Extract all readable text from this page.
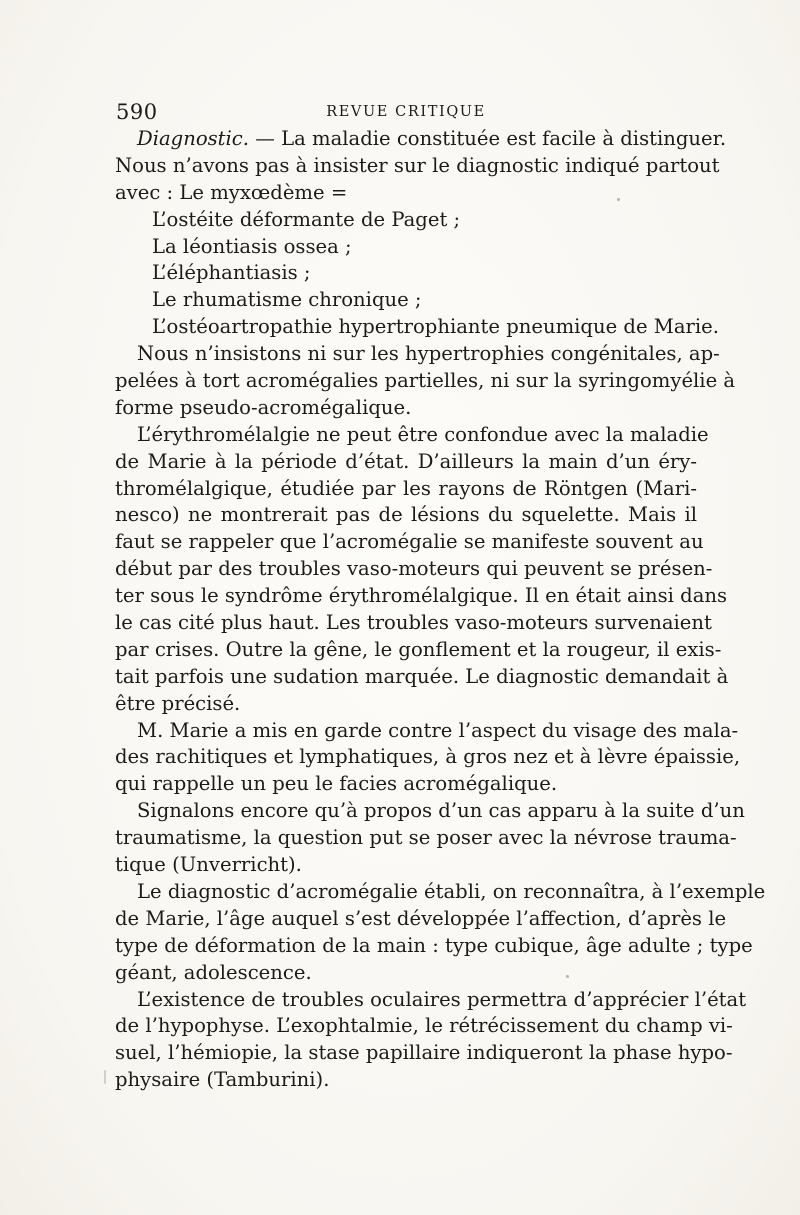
590	REVUE CRITIQUE
Diagnostic. — La maladie constituée est facile à distinguer.
Nous n’avons pas à insister sur le diagnostic indiqué partout
avec : Le myxœdème =
L’ostéite déformante de Paget ;
La léontiasis ossea ;
L’éléphantiasis ;
Le rhumatisme chronique ;
L’ostéoartropathie hypertrophiante pneumique de Marie.
Nous n’insistons ni sur les hypertrophies congénitales, ap-
pelées à tort acromégalies partielles, ni sur la syringomyélie à
forme pseudo-acromégalique.
L’érythromélalgie ne peut être confondue avec la maladie
de Marie à la période d’état. D’ailleurs la main d’un éry-
thromélalgique, étudiée par les rayons de Röntgen (Mari-
nesco) ne montrerait pas de lésions du squelette. Mais il
faut se rappeler que l’acromégalie se manifeste souvent au
début par des troubles vaso-moteurs qui peuvent se présen-
ter sous le syndrôme érythromélalgique. Il en était ainsi dans
le cas cité plus haut. Les troubles vaso-moteurs survenaient
par crises. Outre la gêne, le gonflement et la rougeur, il exis-
tait parfois une sudation marquée. Le diagnostic demandait à
être précisé.
M. Marie a mis en garde contre l’aspect du visage des mala-
des rachitiques et lymphatiques, à gros nez et à lèvre épaissie,
qui rappelle un peu le facies acromégalique.
Signalons encore qu’à propos d’un cas apparu à la suite d’un
traumatisme, la question put se poser avec la névrose trauma-
tique (Unverricht).
Le diagnostic d’acromégalie établi, on reconnaîtra, à l’exemple
de Marie, l’âge auquel s’est développée l’affection, d’après le
type de déformation de la main : type cubique, âge adulte ; type
géant, adolescence.
L’existence de troubles oculaires permettra d’apprécier l’état
de l’hypophyse. L’exophtalmie, le rétrécissement du champ vi-
suel, l’hémiopie, la stase papillaire indiqueront la phase hypo-
physaire (Tamburini).
